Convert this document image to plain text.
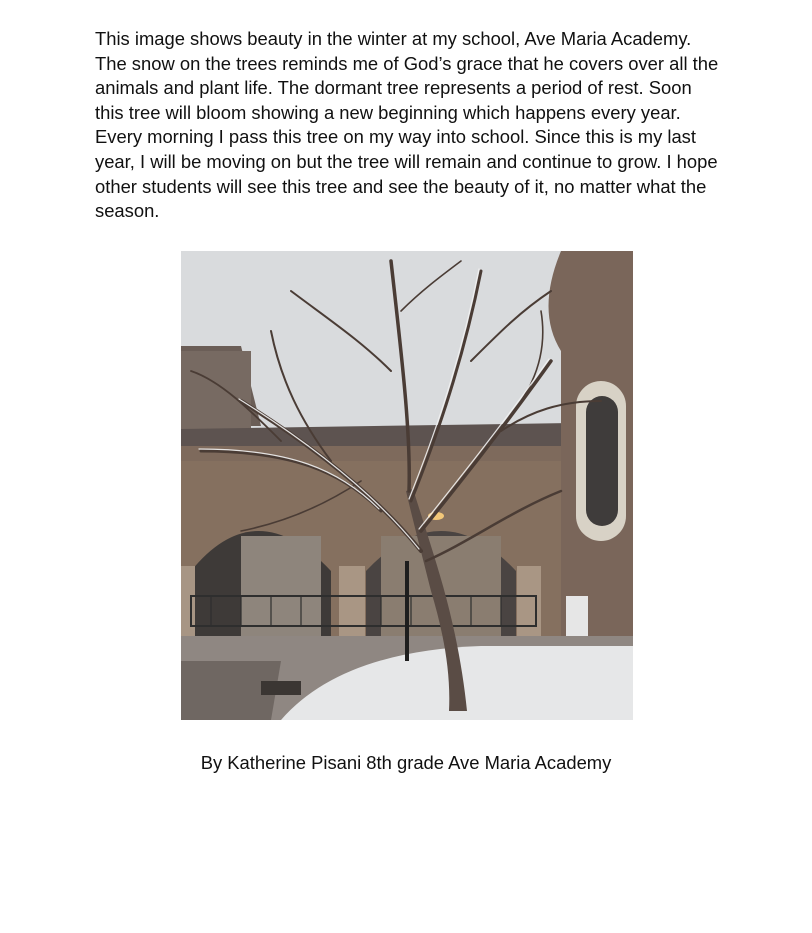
This image shows beauty in the winter at my school, Ave Maria Academy. The snow on the trees reminds me of God’s grace that he covers over all the animals and plant life. The dormant tree represents a period of rest. Soon this tree will bloom showing a new beginning which happens every year. Every morning I pass this tree on my way into school. Since this is my last year, I will be moving on but the tree will remain and continue to grow. I hope other students will see this tree and see the beauty of it, no matter what the season.

By Katherine Pisani 8th grade Ave Maria Academy
